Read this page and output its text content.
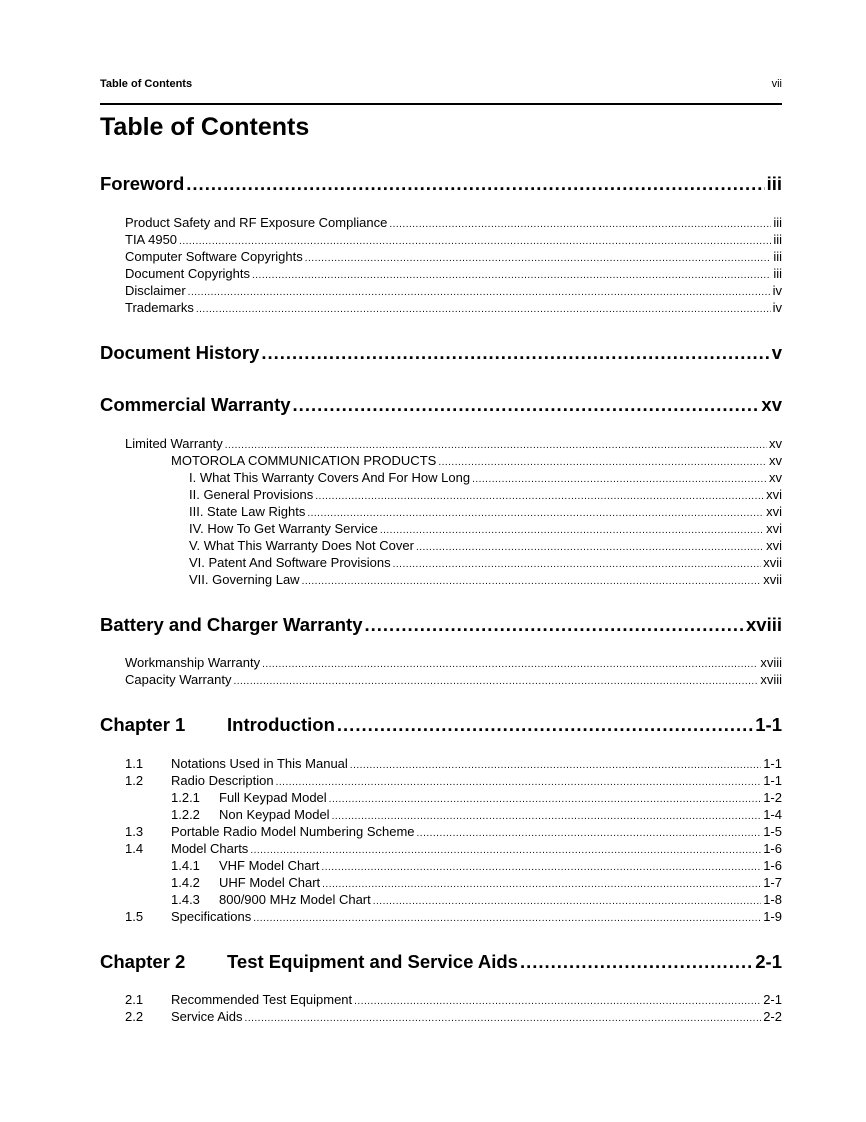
Table of Contents	vii
Table of Contents
Foreword .....	iii
Product Safety and RF Exposure Compliance .....	iii
TIA 4950 .....	iii
Computer Software Copyrights .....	iii
Document Copyrights .....	iii
Disclaimer .....	iv
Trademarks .....	iv
Document History .....	v
Commercial Warranty .....	xv
Limited Warranty .....	xv
MOTOROLA COMMUNICATION PRODUCTS .....	xv
I. What This Warranty Covers And For How Long .....	xv
II. General Provisions .....	xvi
III. State Law Rights .....	xvi
IV. How To Get Warranty Service .....	xvi
V. What This Warranty Does Not Cover .....	xvi
VI. Patent And Software Provisions .....	xvii
VII. Governing Law .....	xvii
Battery and Charger Warranty .....	xviii
Workmanship Warranty .....	xviii
Capacity Warranty .....	xviii
Chapter 1 Introduction .....	1-1
1.1 Notations Used in This Manual .....	1-1
1.2 Radio Description .....	1-1
1.2.1 Full Keypad Model .....	1-2
1.2.2 Non Keypad Model .....	1-4
1.3 Portable Radio Model Numbering Scheme .....	1-5
1.4 Model Charts .....	1-6
1.4.1 VHF Model Chart .....	1-6
1.4.2 UHF Model Chart .....	1-7
1.4.3 800/900 MHz Model Chart .....	1-8
1.5 Specifications .....	1-9
Chapter 2 Test Equipment and Service Aids .....	2-1
2.1 Recommended Test Equipment .....	2-1
2.2 Service Aids .....	2-2
